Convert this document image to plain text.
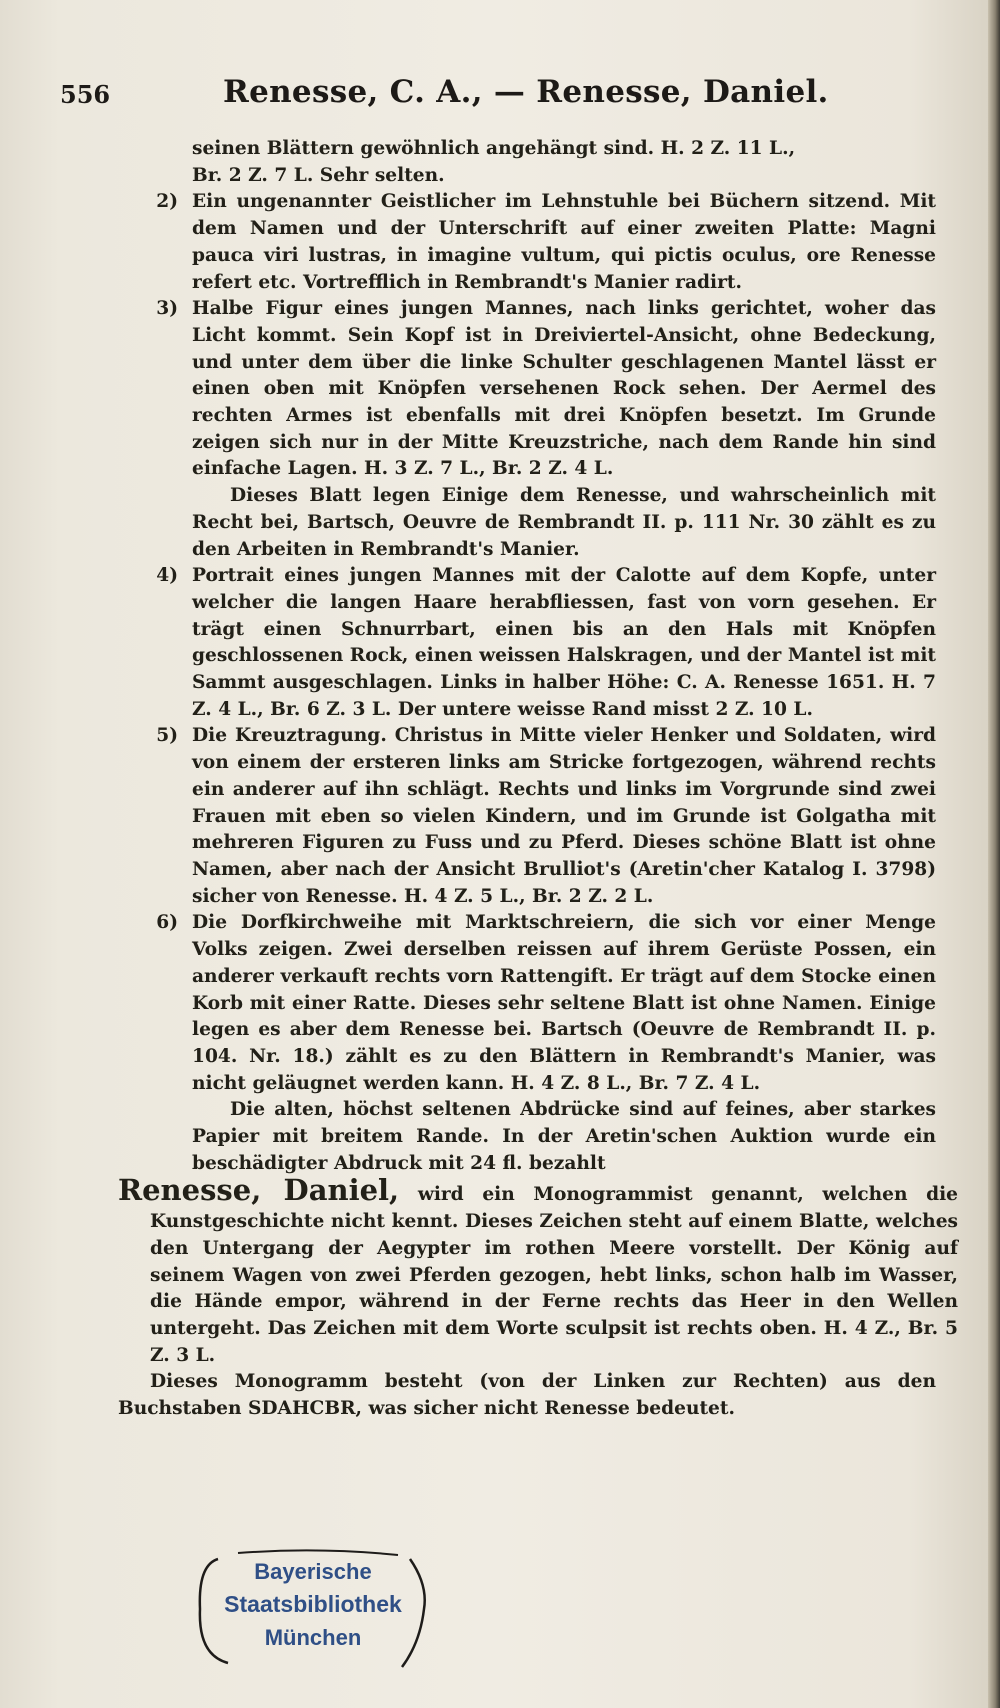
556	Renesse, C. A., — Renesse, Daniel.

seinen Blättern gewöhnlich angehängt sind. H. 2 Z. 11 L.,

Br. 2 Z. 7 L. Sehr selten.

2) Ein ungenannter Geistlicher im Lehnstuhle bei Büchern sitzend. Mit dem Namen und der Unterschrift auf einer zweiten Platte: Magni pauca viri lustras, in imagine vultum, qui pictis oculus, ore Renesse refert etc. Vortrefflich in Rembrandt's Manier radirt.

3) Halbe Figur eines jungen Mannes, nach links gerichtet, woher das Licht kommt. Sein Kopf ist in Dreiviertel-Ansicht, ohne Bedeckung, und unter dem über die linke Schulter geschlagenen Mantel lässt er einen oben mit Knöpfen versehenen Rock sehen. Der Aermel des rechten Armes ist ebenfalls mit drei Knöpfen besetzt. Im Grunde zeigen sich nur in der Mitte Kreuzstriche, nach dem Rande hin sind einfache Lagen. H. 3 Z. 7 L., Br. 2 Z. 4 L.

Dieses Blatt legen Einige dem Renesse, und wahrscheinlich mit Recht bei, Bartsch, Oeuvre de Rembrandt II. p. 111 Nr. 30 zählt es zu den Arbeiten in Rembrandt's Manier.

4) Portrait eines jungen Mannes mit der Calotte auf dem Kopfe, unter welcher die langen Haare herabfliessen, fast von vorn gesehen. Er trägt einen Schnurrbart, einen bis an den Hals mit Knöpfen geschlossenen Rock, einen weissen Halskragen, und der Mantel ist mit Sammt ausgeschlagen. Links in halber Höhe: C. A. Renesse 1651. H. 7 Z. 4 L., Br. 6 Z. 3 L. Der untere weisse Rand misst 2 Z. 10 L.

5) Die Kreuztragung. Christus in Mitte vieler Henker und Soldaten, wird von einem der ersteren links am Stricke fortgezogen, während rechts ein anderer auf ihn schlägt. Rechts und links im Vorgrunde sind zwei Frauen mit eben so vielen Kindern, und im Grunde ist Golgatha mit mehreren Figuren zu Fuss und zu Pferd. Dieses schöne Blatt ist ohne Namen, aber nach der Ansicht Brulliot's (Aretin'cher Katalog I. 3798) sicher von Renesse. H. 4 Z. 5 L., Br. 2 Z. 2 L.

6) Die Dorfkirchweihe mit Marktschreiern, die sich vor einer Menge Volks zeigen. Zwei derselben reissen auf ihrem Gerüste Possen, ein anderer verkauft rechts vorn Rattengift. Er trägt auf dem Stocke einen Korb mit einer Ratte. Dieses sehr seltene Blatt ist ohne Namen. Einige legen es aber dem Renesse bei. Bartsch (Oeuvre de Rembrandt II. p. 104. Nr. 18.) zählt es zu den Blättern in Rembrandt's Manier, was nicht geläugnet werden kann. H. 4 Z. 8 L., Br. 7 Z. 4 L.

Die alten, höchst seltenen Abdrücke sind auf feines, aber starkes Papier mit breitem Rande. In der Aretin'schen Auktion wurde ein beschädigter Abdruck mit 24 fl. bezahlt

Renesse, Daniel, wird ein Monogrammist genannt, welchen die Kunstgeschichte nicht kennt. Dieses Zeichen steht auf einem Blatte, welches den Untergang der Aegypter im rothen Meere vorstellt. Der König auf seinem Wagen von zwei Pferden gezogen, hebt links, schon halb im Wasser, die Hände empor, während in der Ferne rechts das Heer in den Wellen untergeht. Das Zeichen mit dem Worte sculpsit ist rechts oben. H. 4 Z., Br. 5 Z. 3 L.

Dieses Monogramm besteht (von der Linken zur Rechten) aus den Buchstaben SDAHCBR, was sicher nicht Renesse bedeutet.

Bayerische
Staatsbibliothek
München
